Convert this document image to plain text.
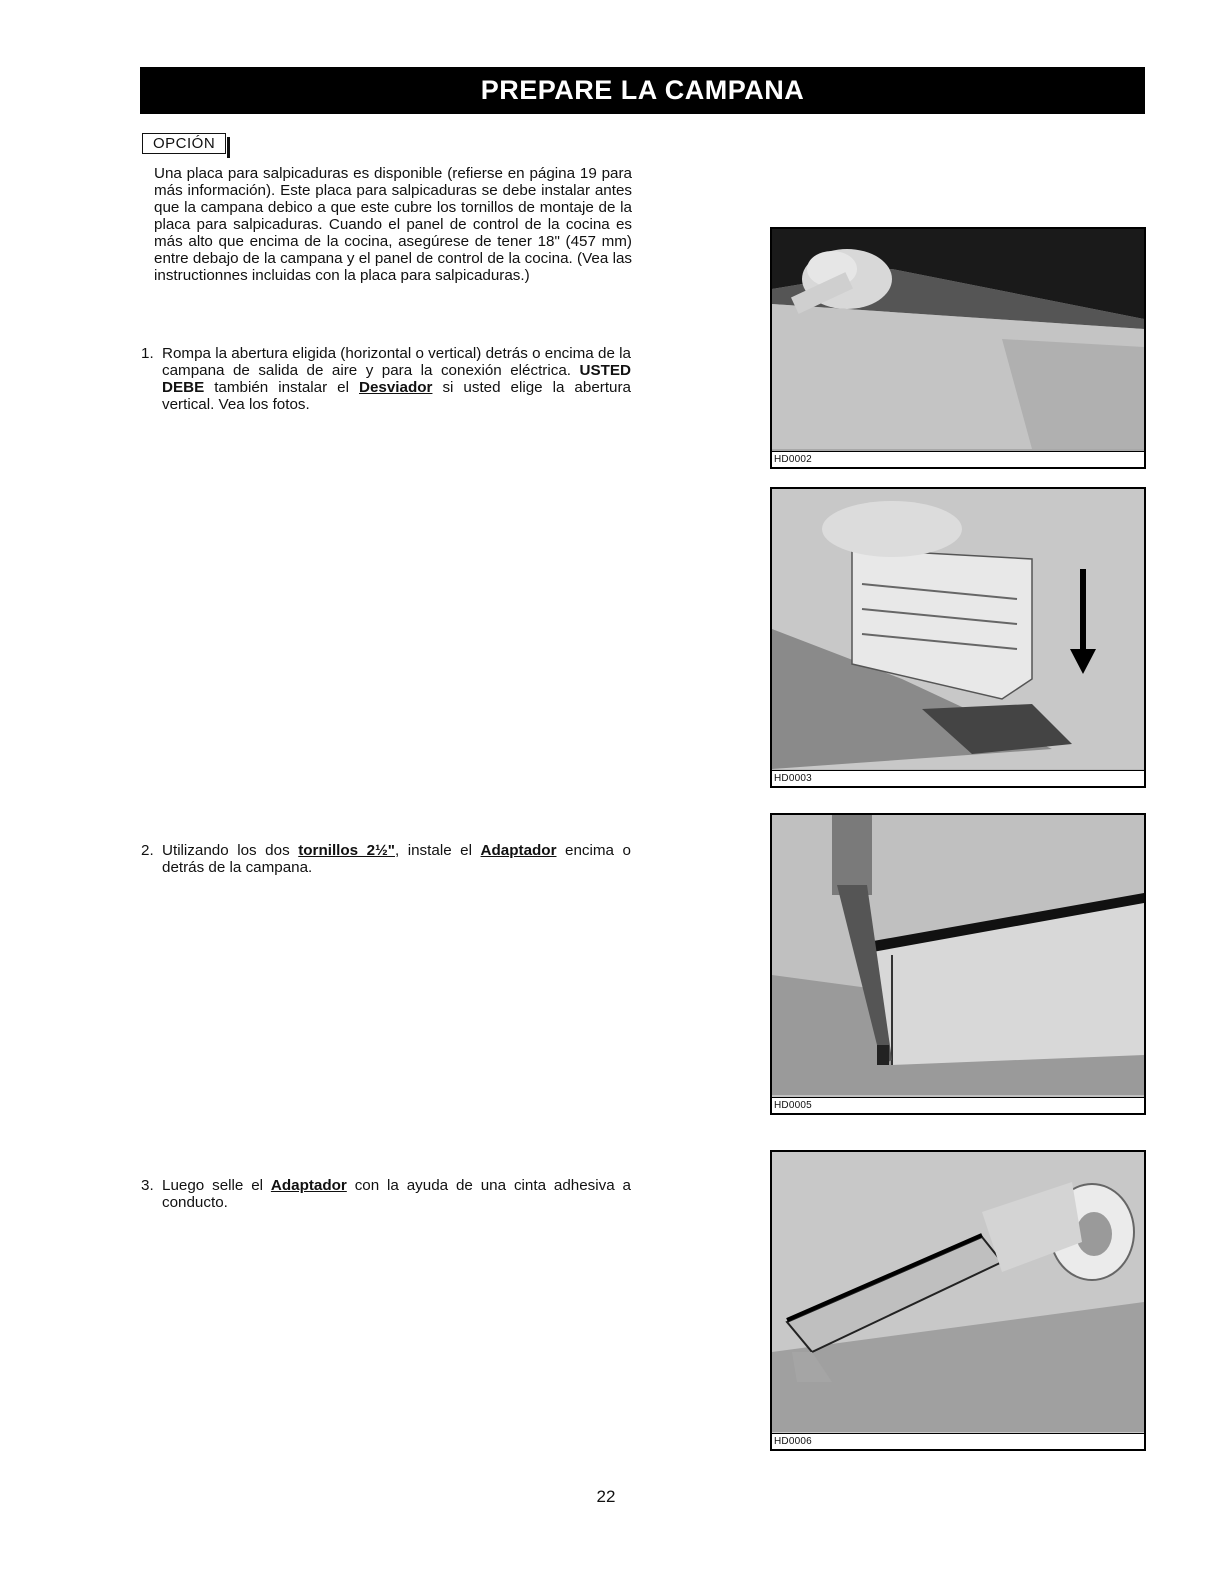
PREPARE LA CAMPANA
OPCIÓN

Una placa para salpicaduras es disponible (refierse en página 19 para más información). Este placa para salpicaduras se debe instalar antes que la campana debico a que este cubre los tornillos de montaje de la placa para salpicaduras. Cuando el panel de control de la cocina es más alto que encima de la cocina, asegúrese de tener 18" (457 mm) entre debajo de la campana y el panel de control de la cocina. (Vea las instructionnes incluidas con la placa para salpicaduras.)

1. Rompa la abertura eligida (horizontal o vertical) detrás o encima de la campana de salida de aire y para la conexión eléctrica. USTED DEBE también instalar el Desviador si usted elige la abertura vertical. Vea los fotos.
2. Utilizando los dos tornillos 2½", instale el Adaptador encima o detrás de la campana.
3. Luego selle el Adaptador con la ayuda de una cinta adhesiva a conducto.
HD0002
HD0003
HD0005
HD0006
22
